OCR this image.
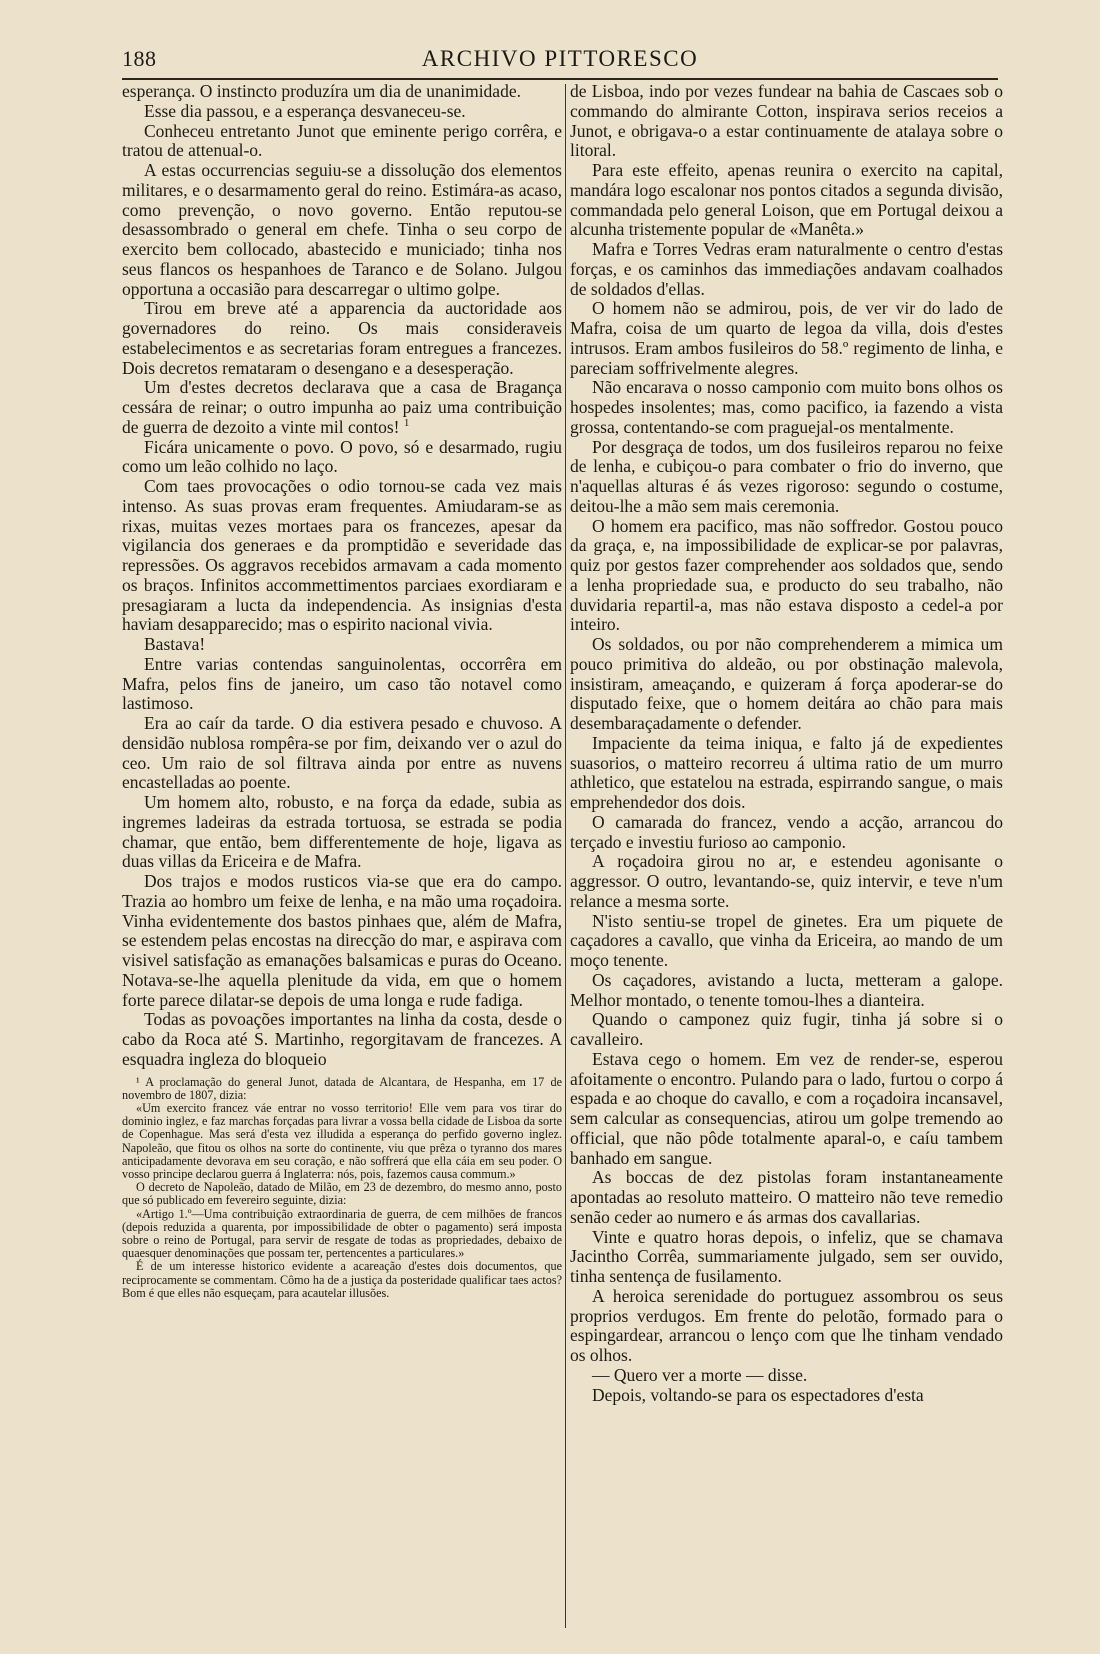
188	ARCHIVO PITTORESCO

esperança. O instincto produzíra um dia de unanimidade.

Esse dia passou, e a esperança desvaneceu-se.

Conheceu entretanto Junot que eminente perigo corrêra, e tratou de attenual-o.

A estas occurrencias seguiu-se a dissolução dos elementos militares, e o desarmamento geral do reino. Estimára-as acaso, como prevenção, o novo governo. Então reputou-se desassombrado o general em chefe. Tinha o seu corpo de exercito bem collocado, abastecido e municiado; tinha nos seus flancos os hespanhoes de Taranco e de Solano. Julgou opportuna a occasião para descarregar o ultimo golpe.

Tirou em breve até a apparencia da auctoridade aos governadores do reino. Os mais consideraveis estabelecimentos e as secretarias foram entregues a francezes. Dois decretos remataram o desengano e a desesperação.

Um d'estes decretos declarava que a casa de Bragança cessára de reinar; o outro impunha ao paiz uma contribuição de guerra de dezoito a vinte mil contos! $^1$

Ficára unicamente o povo. O povo, só e desarmado, rugiu como um leão colhido no laço.

Com taes provocações o odio tornou-se cada vez mais intenso. As suas provas eram frequentes. Amiudaram-se as rixas, muitas vezes mortaes para os francezes, apesar da vigilancia dos generaes e da promptidão e severidade das repressões. Os aggravos recebidos armavam a cada momento os braços. Infinitos accommettimentos parciaes exordiaram e presagiaram a lucta da independencia. As insignias d'esta haviam desapparecido; mas o espirito nacional vivia.

Bastava!

Entre varias contendas sanguinolentas, occorrêra em Mafra, pelos fins de janeiro, um caso tão notavel como lastimoso.

Era ao caír da tarde. O dia estivera pesado e chuvoso. A densidão nublosa rompêra-se por fim, deixando ver o azul do ceo. Um raio de sol filtrava ainda por entre as nuvens encastelladas ao poente.

Um homem alto, robusto, e na força da edade, subia as ingremes ladeiras da estrada tortuosa, se estrada se podia chamar, que então, bem differentemente de hoje, ligava as duas villas da Ericeira e de Mafra.

Dos trajos e modos rusticos via-se que era do campo. Trazia ao hombro um feixe de lenha, e na mão uma roçadoira. Vinha evidentemente dos bastos pinhaes que, além de Mafra, se estendem pelas encostas na direcção do mar, e aspirava com visivel satisfação as emanações balsamicas e puras do Oceano. Notava-se-lhe aquella plenitude da vida, em que o homem forte parece dilatar-se depois de uma longa e rude fadiga.

Todas as povoações importantes na linha da costa, desde o cabo da Roca até S. Martinho, regorgitavam de francezes. A esquadra ingleza do bloqueio

¹ A proclamação do general Junot, datada de Alcantara, de Hespanha, em 17 de novembro de 1807, dizia:

«Um exercito francez váe entrar no vosso territorio! Elle vem para vos tirar do dominio inglez, e faz marchas forçadas para livrar a vossa bella cidade de Lisboa da sorte de Copenhague. Mas será d'esta vez illudida a esperança do perfido governo inglez. Napoleão, que fitou os olhos na sorte do continente, viu que prêza o tyranno dos mares anticipadamente devorava em seu coração, e não soffrerá que ella cáia em seu poder. O vosso principe declarou guerra á Inglaterra: nós, pois, fazemos causa commum.»

O decreto de Napoleão, datado de Milão, em 23 de dezembro, do mesmo anno, posto que só publicado em fevereiro seguinte, dizia:

«Artigo 1.º—Uma contribuição extraordinaria de guerra, de cem milhões de francos (depois reduzida a quarenta, por impossibilidade de obter o pagamento) será imposta sobre o reino de Portugal, para servir de resgate de todas as propriedades, debaixo de quaesquer denominações que possam ter, pertencentes a particulares.»

É de um interesse historico evidente a acareação d'estes dois documentos, que reciprocamente se commentam. Cômo ha de a justiça da posteridade qualificar taes actos? Bom é que elles não esqueçam, para acautelar illusões.

de Lisboa, indo por vezes fundear na bahia de Cascaes sob o commando do almirante Cotton, inspirava serios receios a Junot, e obrigava-o a estar continuamente de atalaya sobre o litoral.

Para este effeito, apenas reunira o exercito na capital, mandára logo escalonar nos pontos citados a segunda divisão, commandada pelo general Loison, que em Portugal deixou a alcunha tristemente popular de «Manêta.»

Mafra e Torres Vedras eram naturalmente o centro d'estas forças, e os caminhos das immediações andavam coalhados de soldados d'ellas.

O homem não se admirou, pois, de ver vir do lado de Mafra, coisa de um quarto de legoa da villa, dois d'estes intrusos. Eram ambos fusileiros do 58.º regimento de linha, e pareciam soffrivelmente alegres.

Não encarava o nosso camponio com muito bons olhos os hospedes insolentes; mas, como pacifico, ia fazendo a vista grossa, contentando-se com praguejal-os mentalmente.

Por desgraça de todos, um dos fusileiros reparou no feixe de lenha, e cubiçou-o para combater o frio do inverno, que n'aquellas alturas é ás vezes rigoroso: segundo o costume, deitou-lhe a mão sem mais ceremonia.

O homem era pacifico, mas não soffredor. Gostou pouco da graça, e, na impossibilidade de explicar-se por palavras, quiz por gestos fazer comprehender aos soldados que, sendo a lenha propriedade sua, e producto do seu trabalho, não duvidaria repartil-a, mas não estava disposto a cedel-a por inteiro.

Os soldados, ou por não comprehenderem a mimica um pouco primitiva do aldeão, ou por obstinação malevola, insistiram, ameaçando, e quizeram á força apoderar-se do disputado feixe, que o homem deitára ao chão para mais desembaraçadamente o defender.

Impaciente da teima iniqua, e falto já de expedientes suasorios, o matteiro recorreu á ultima ratio de um murro athletico, que estatelou na estrada, espirrando sangue, o mais emprehendedor dos dois.

O camarada do francez, vendo a acção, arrancou do terçado e investiu furioso ao camponio.

A roçadoira girou no ar, e estendeu agonisante o aggressor. O outro, levantando-se, quiz intervir, e teve n'um relance a mesma sorte.

N'isto sentiu-se tropel de ginetes. Era um piquete de caçadores a cavallo, que vinha da Ericeira, ao mando de um moço tenente.

Os caçadores, avistando a lucta, metteram a galope. Melhor montado, o tenente tomou-lhes a dianteira.

Quando o camponez quiz fugir, tinha já sobre si o cavalleiro.

Estava cego o homem. Em vez de render-se, esperou afoitamente o encontro. Pulando para o lado, furtou o corpo á espada e ao choque do cavallo, e com a roçadoira incansavel, sem calcular as consequencias, atirou um golpe tremendo ao official, que não pôde totalmente aparal-o, e caíu tambem banhado em sangue.

As boccas de dez pistolas foram instantaneamente apontadas ao resoluto matteiro. O matteiro não teve remedio senão ceder ao numero e ás armas dos cavallarias.

Vinte e quatro horas depois, o infeliz, que se chamava Jacintho Corrêa, summariamente julgado, sem ser ouvido, tinha sentença de fusilamento.

A heroica serenidade do portuguez assombrou os seus proprios verdugos. Em frente do pelotão, formado para o espingardear, arrancou o lenço com que lhe tinham vendado os olhos.

— Quero ver a morte — disse.

Depois, voltando-se para os espectadores d'esta
